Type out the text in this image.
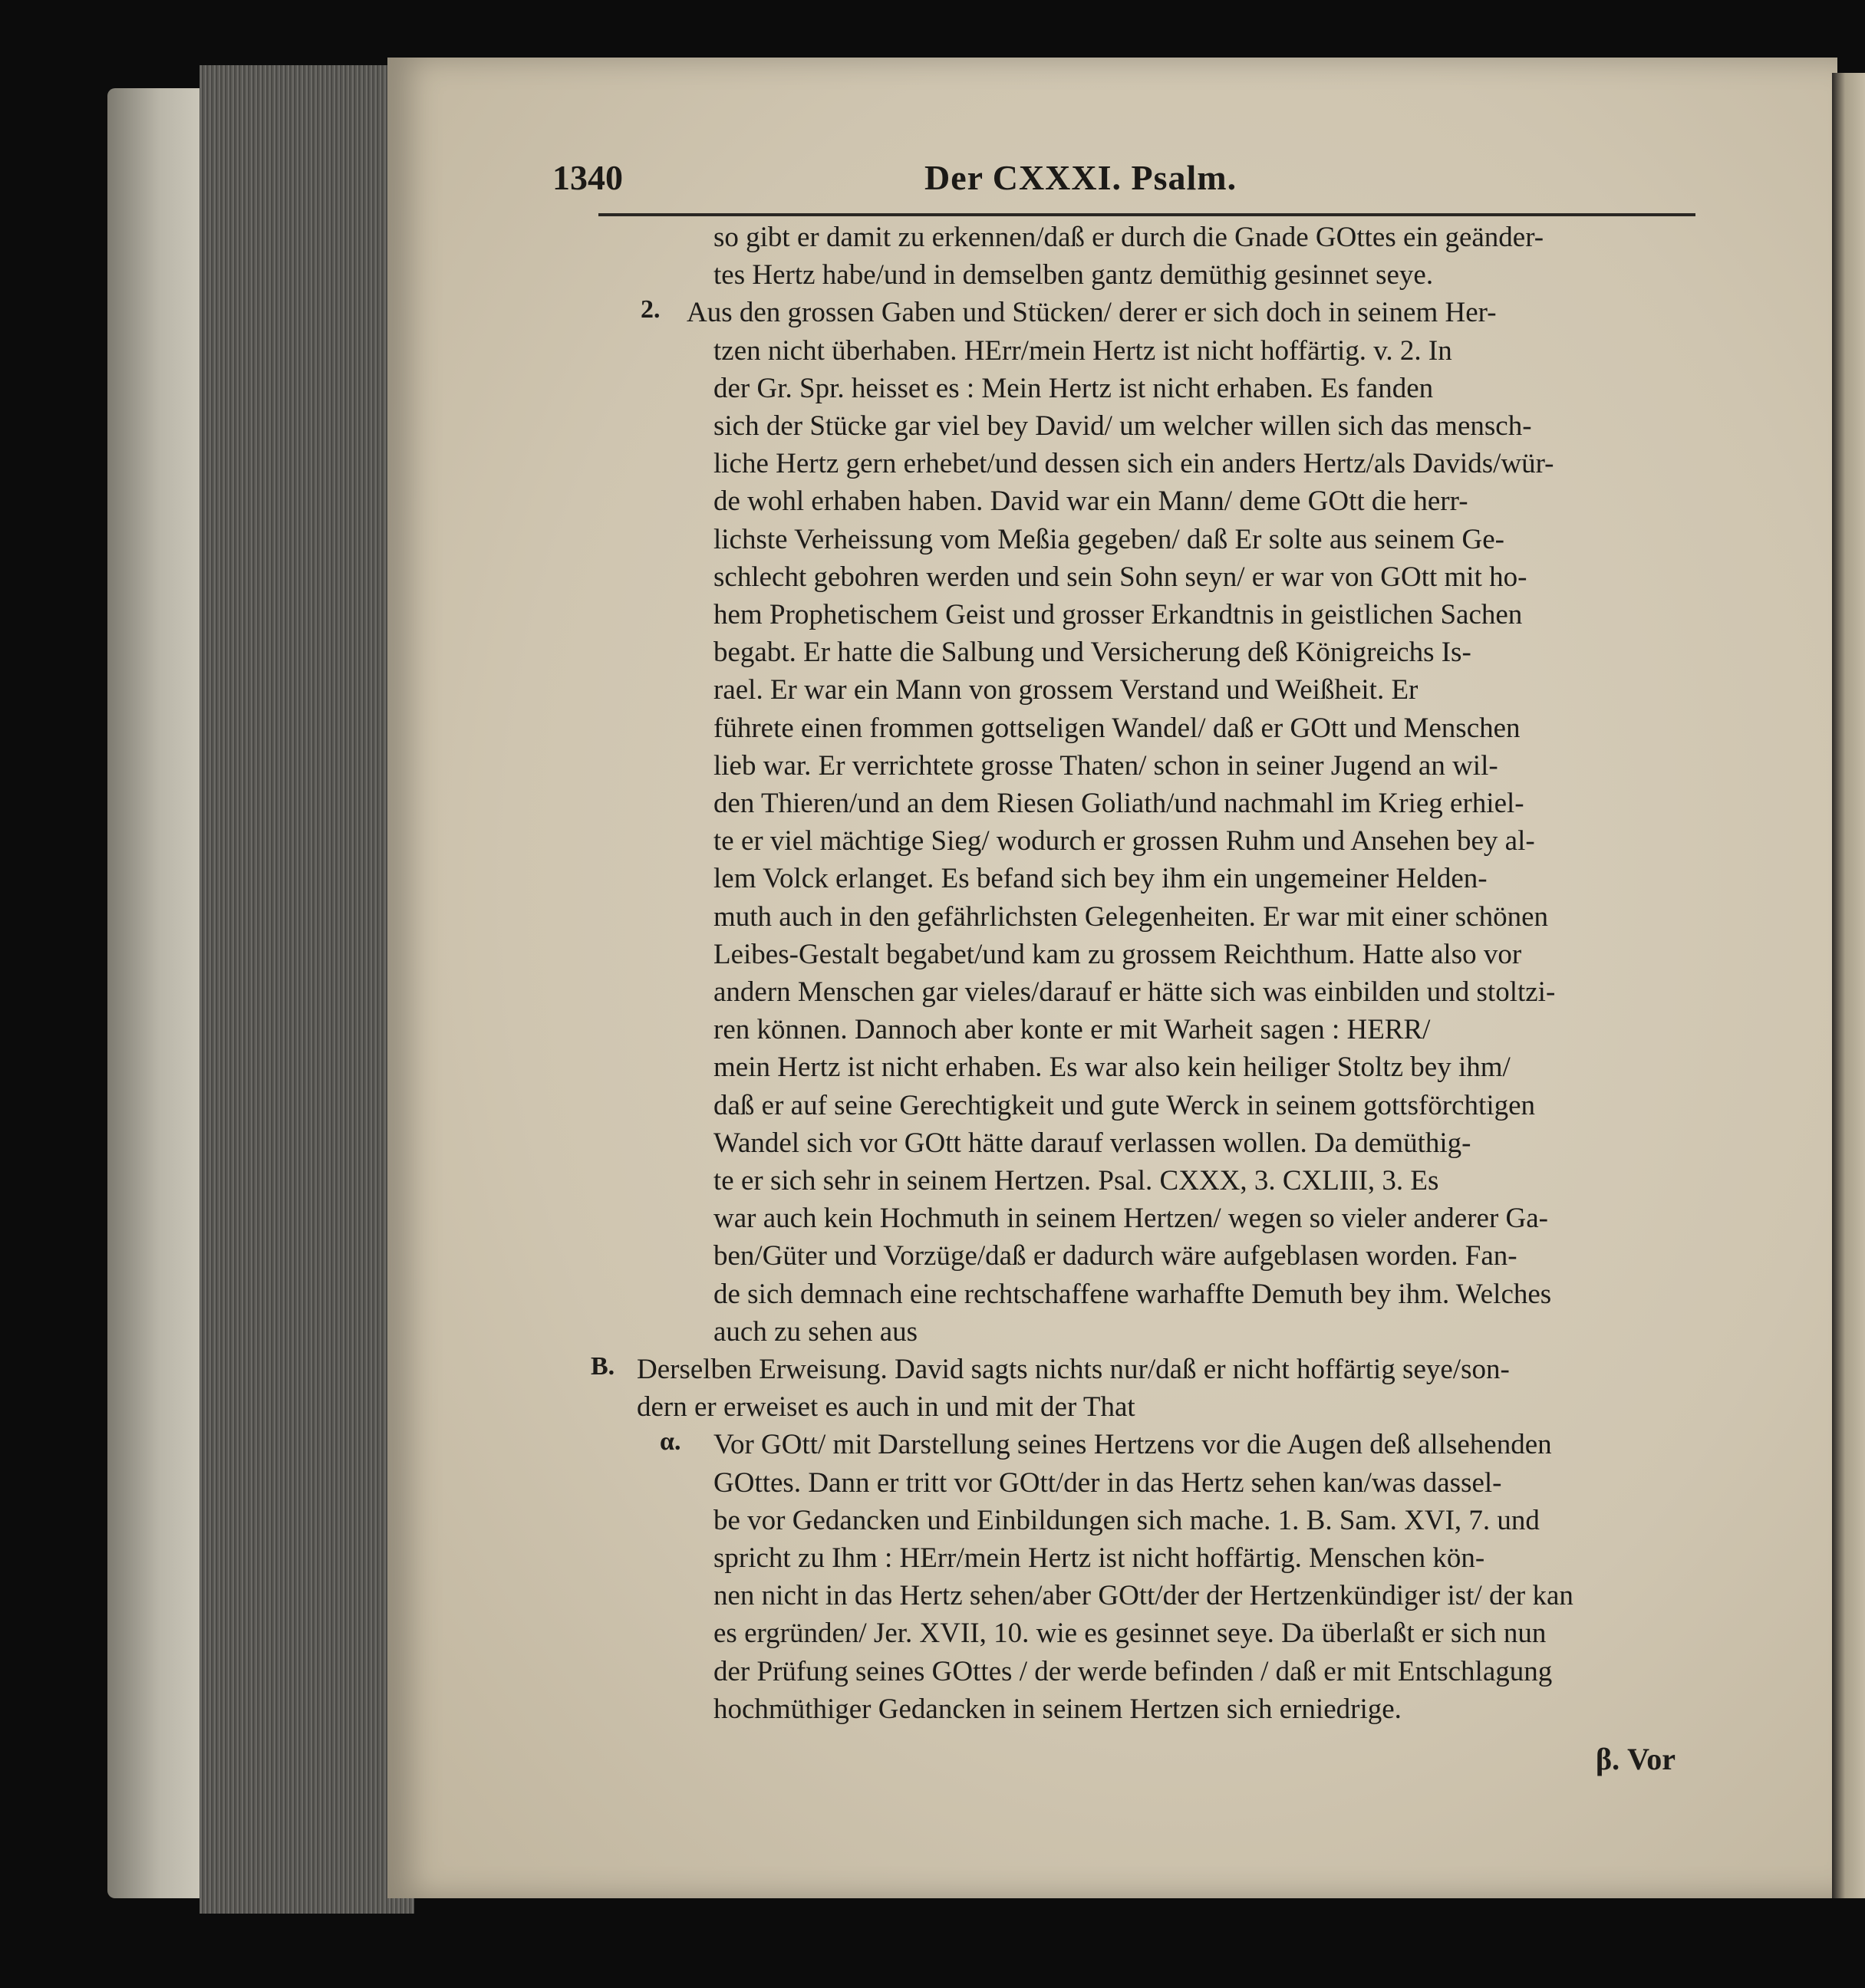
1340	Der CXXXI. Psalm.
so gibt er damit zu erkennen/daß er durch die Gnade GOttes ein geänder-
tes Hertz habe/und in demselben gantz demüthig gesinnet seye.
2. Aus den grossen Gaben und Stücken/ derer er sich doch in seinem Her-
tzen nicht überhaben. HErr/mein Hertz ist nicht hoffärtig. v. 2. In
der Gr. Spr. heisset es : Mein Hertz ist nicht erhaben. Es fanden
sich der Stücke gar viel bey David/ um welcher willen sich das mensch-
liche Hertz gern erhebet/und dessen sich ein anders Hertz/als Davids/wür-
de wohl erhaben haben. David war ein Mann/ deme GOtt die herr-
lichste Verheissung vom Meßia gegeben/ daß Er solte aus seinem Ge-
schlecht gebohren werden und sein Sohn seyn/ er war von GOtt mit ho-
hem Prophetischem Geist und grosser Erkandtnis in geistlichen Sachen
begabt. Er hatte die Salbung und Versicherung deß Königreichs Is-
rael. Er war ein Mann von grossem Verstand und Weißheit. Er
führete einen frommen gottseligen Wandel/ daß er GOtt und Menschen
lieb war. Er verrichtete grosse Thaten/ schon in seiner Jugend an wil-
den Thieren/und an dem Riesen Goliath/und nachmahl im Krieg erhiel-
te er viel mächtige Sieg/ wodurch er grossen Ruhm und Ansehen bey al-
lem Volck erlanget. Es befand sich bey ihm ein ungemeiner Helden-
muth auch in den gefährlichsten Gelegenheiten. Er war mit einer schönen
Leibes-Gestalt begabet/und kam zu grossem Reichthum. Hatte also vor
andern Menschen gar vieles/darauf er hätte sich was einbilden und stoltzi-
ren können. Dannoch aber konte er mit Warheit sagen : HERR/
mein Hertz ist nicht erhaben. Es war also kein heiliger Stoltz bey ihm/
daß er auf seine Gerechtigkeit und gute Werck in seinem gottsförchtigen
Wandel sich vor GOtt hätte darauf verlassen wollen. Da demüthig-
te er sich sehr in seinem Hertzen. Psal. CXXX, 3. CXLIII, 3. Es
war auch kein Hochmuth in seinem Hertzen/ wegen so vieler anderer Ga-
ben/Güter und Vorzüge/daß er dadurch wäre aufgeblasen worden. Fan-
de sich demnach eine rechtschaffene warhaffte Demuth bey ihm. Welches
auch zu sehen aus
B. Derselben Erweisung. David sagts nichts nur/daß er nicht hoffärtig seye/son-
dern er erweiset es auch in und mit der That
α. Vor GOtt/ mit Darstellung seines Hertzens vor die Augen deß allsehenden
GOttes. Dann er tritt vor GOtt/der in das Hertz sehen kan/was dassel-
be vor Gedancken und Einbildungen sich mache. 1. B. Sam. XVI, 7. und
spricht zu Ihm : HErr/mein Hertz ist nicht hoffärtig. Menschen kön-
nen nicht in das Hertz sehen/aber GOtt/der der Hertzenkündiger ist/ der kan
es ergründen/ Jer. XVII, 10. wie es gesinnet seye. Da überlaßt er sich nun
der Prüfung seines GOttes / der werde befinden / daß er mit Entschlagung
hochmüthiger Gedancken in seinem Hertzen sich erniedrige.
β. Vor
